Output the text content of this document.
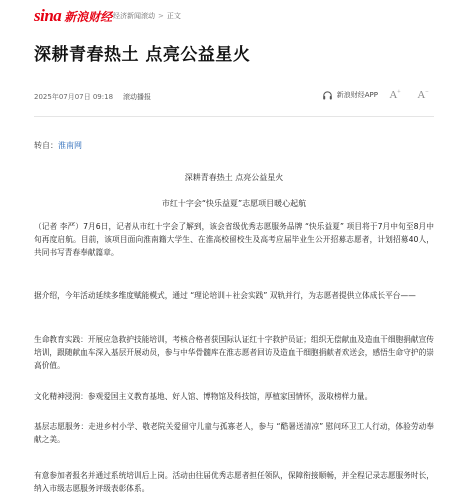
sina 新浪财经 经济新闻滚动 > 正文
深耕青春热土 点亮公益星火
2025年07月07日 09:18 滚动播报	新浪财经APP	A+	A−
转自：淮南网
深耕青春热土 点亮公益星火
市红十字会“快乐益夏”志愿项目暖心起航

（记者 李严）7月6日，记者从市红十字会了解到，该会省级优秀志愿服务品牌 “快乐益夏” 项目将于7月中旬至8月中旬再度启航。目前，该项目面向淮南籍大学生、在淮高校留校生及高考应届毕业生公开招募志愿者，计划招募40人，共同书写青春奉献篇章。

据介绍，今年活动延续多维度赋能模式，通过 “理论培训＋社会实践” 双轨并行，为志愿者提供立体成长平台——

生命教育实践：开展应急救护技能培训，考核合格者获国际认证红十字救护员证；组织无偿献血及造血干细胞捐献宣传培训，跟随献血车深入基层开展动员，参与中华骨髓库在淮志愿者回访及造血干细胞捐献者欢送会，感悟生命守护的崇高价值。

文化精神浸润：参观爱国主义教育基地、好人馆、博物馆及科技馆，厚植家国情怀，汲取榜样力量。

基层志愿服务：走进乡村小学、敬老院关爱留守儿童与孤寡老人，参与 “酷暑送清凉” 慰问环卫工人行动，体验劳动奉献之美。

有意参加者报名并通过系统培训后上岗。活动由往届优秀志愿者担任领队，保障衔接顺畅，并全程记录志愿服务时长，纳入市级志愿服务评级表彰体系。
